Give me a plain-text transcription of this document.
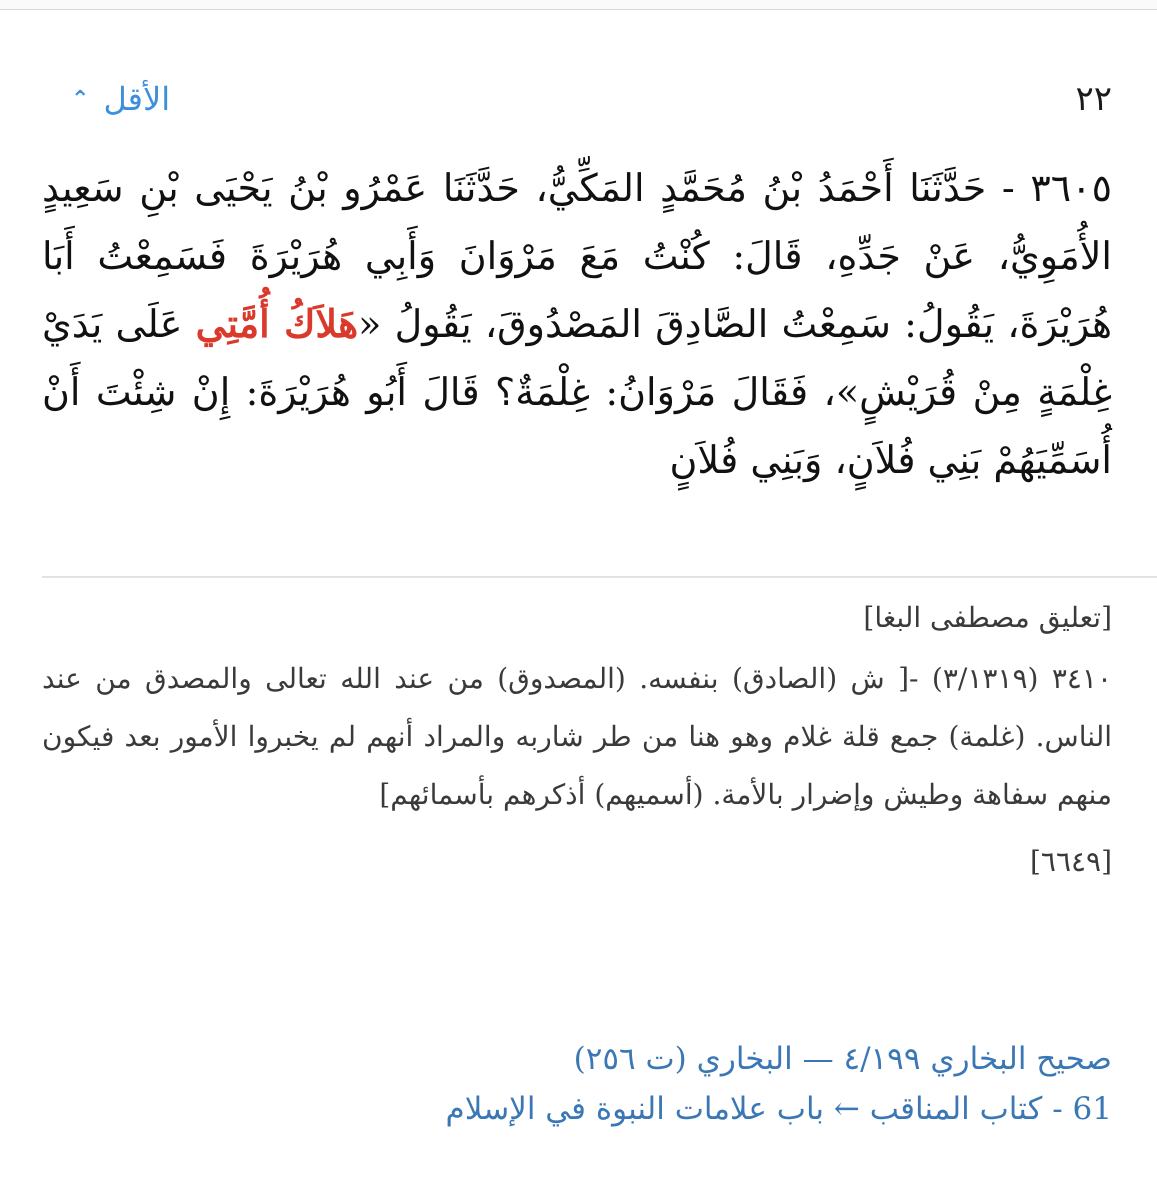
٢٢
الأقل⌃
٣٦٠٥ - حَدَّثَنَا أَحْمَدُ بْنُ مُحَمَّدٍ المَكِّيُّ، حَدَّثَنَا عَمْرُو بْنُ يَحْيَى بْنِ سَعِيدٍ الأُمَوِيُّ، عَنْ جَدِّهِ، قَالَ: كُنْتُ مَعَ مَرْوَانَ وَأَبِي هُرَيْرَةَ فَسَمِعْتُ أَبَا هُرَيْرَةَ، يَقُولُ: سَمِعْتُ الصَّادِقَ المَصْدُوقَ، يَقُولُ «هَلاَكُ أُمَّتِي عَلَى يَدَيْ غِلْمَةٍ مِنْ قُرَيْشٍ»، فَقَالَ مَرْوَانُ: غِلْمَةٌ؟ قَالَ أَبُو هُرَيْرَةَ: إِنْ شِئْتَ أَنْ أُسَمِّيَهُمْ بَنِي فُلاَنٍ، وَبَنِي فُلاَنٍ

[تعليق مصطفى البغا]

٣٤١٠ (٣/١٣١٩) -[ ش (الصادق) بنفسه. (المصدوق) من عند الله تعالى والمصدق من عند الناس. (غلمة) جمع قلة غلام وهو هنا من طر شاربه والمراد أنهم لم يخبروا الأمور بعد فيكون منهم سفاهة وطيش وإضرار بالأمة. (أسميهم) أذكرهم بأسمائهم]

[٦٦٤٩]

صحيح البخاري ٤/١٩٩ — البخاري (ت ٢٥٦)

61 - كتاب المناقب ← باب علامات النبوة في الإسلام
